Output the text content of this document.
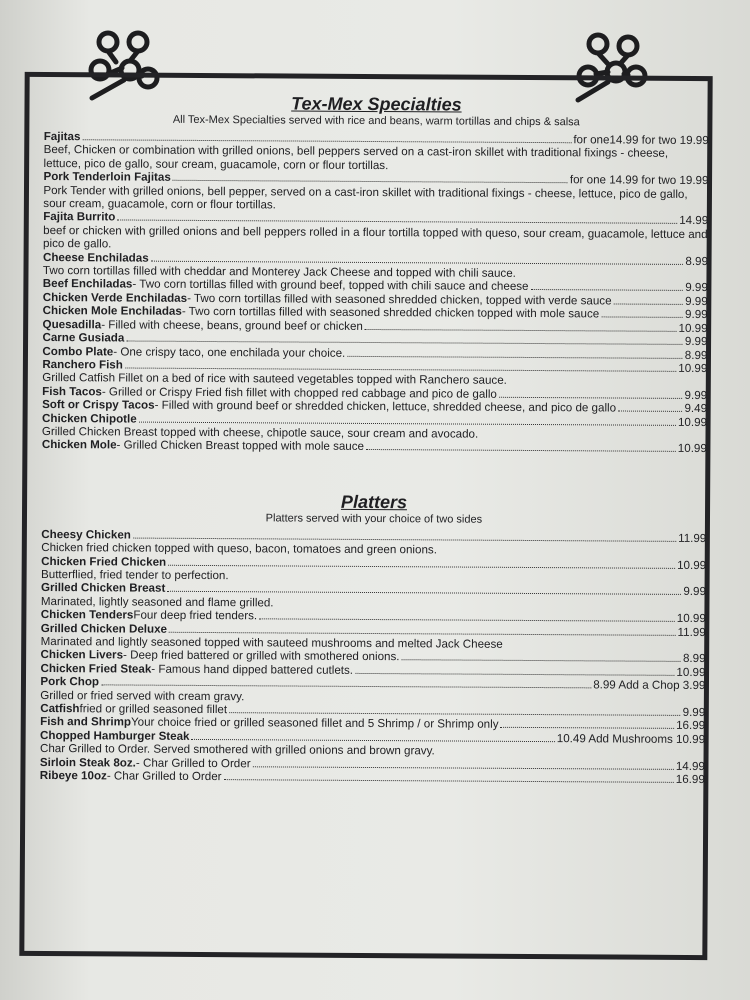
Tex-Mex Specialties
All Tex-Mex Specialties served with rice and beans, warm tortillas and chips & salsa
Fajitas	for one14.99 for two 19.99
Beef, Chicken or combination with grilled onions, bell peppers served on a cast-iron skillet with traditional fixings - cheese, lettuce, pico de gallo, sour cream, guacamole, corn or flour tortillas.
Pork Tenderloin Fajitas	for one 14.99 for two 19.99
Pork Tender with grilled onions, bell pepper, served on a cast-iron skillet with traditional fixings - cheese, lettuce, pico de gallo, sour cream, guacamole, corn or flour tortillas.
Fajita Burrito	14.99
beef or chicken with grilled onions and bell peppers rolled in a flour tortilla topped with queso, sour cream, guacamole, lettuce and pico de gallo.
Cheese Enchiladas	8.99
Two corn tortillas filled with cheddar and Monterey Jack Cheese and topped with chili sauce.
Beef Enchiladas - Two corn tortillas filled with ground beef, topped with chili sauce and cheese	9.99
Chicken Verde Enchiladas - Two corn tortillas filled with seasoned shredded chicken, topped with verde sauce	9.99
Chicken Mole Enchiladas - Two corn tortillas filled with seasoned shredded chicken topped with mole sauce	9.99
Quesadilla - Filled with cheese, beans, ground beef or chicken	10.99
Carne Gusiada	9.99
Combo Plate - One crispy taco, one enchilada your choice.	8.99
Ranchero Fish	10.99
Grilled Catfish Fillet on a bed of rice with sauteed vegetables topped with Ranchero sauce.
Fish Tacos - Grilled or Crispy Fried fish fillet with chopped red cabbage and pico de gallo	9.99
Soft or Crispy Tacos - Filled with ground beef or shredded chicken, lettuce, shredded cheese, and pico de gallo	9.49
Chicken Chipotle	10.99
Grilled Chicken Breast topped with cheese, chipotle sauce, sour cream and avocado.
Chicken Mole - Grilled Chicken Breast topped with mole sauce	10.99
Platters
Platters served with your choice of two sides
Cheesy Chicken	11.99
Chicken fried chicken topped with queso, bacon, tomatoes and green onions.
Chicken Fried Chicken	10.99
Butterflied, fried tender to perfection.
Grilled Chicken Breast	9.99
Marinated, lightly seasoned and flame grilled.
Chicken Tenders Four deep fried tenders.	10.99
Grilled Chicken Deluxe	11.99
Marinated and lightly seasoned topped with sauteed mushrooms and melted Jack Cheese
Chicken Livers - Deep fried battered or grilled with smothered onions.	8.99
Chicken Fried Steak - Famous hand dipped battered cutlets.	10.99
Pork Chop	8.99 Add a Chop 3.99
Grilled or fried served with cream gravy.
Catfish fried or grilled seasoned fillet	9.99
Fish and Shrimp Your choice fried or grilled seasoned fillet and 5 Shrimp / or Shrimp only	16.99
Chopped Hamburger Steak	10.49 Add Mushrooms 10.99
Char Grilled to Order. Served smothered with grilled onions and brown gravy.
Sirloin Steak 8oz. - Char Grilled to Order	14.99
Ribeye 10oz - Char Grilled to Order	16.99
